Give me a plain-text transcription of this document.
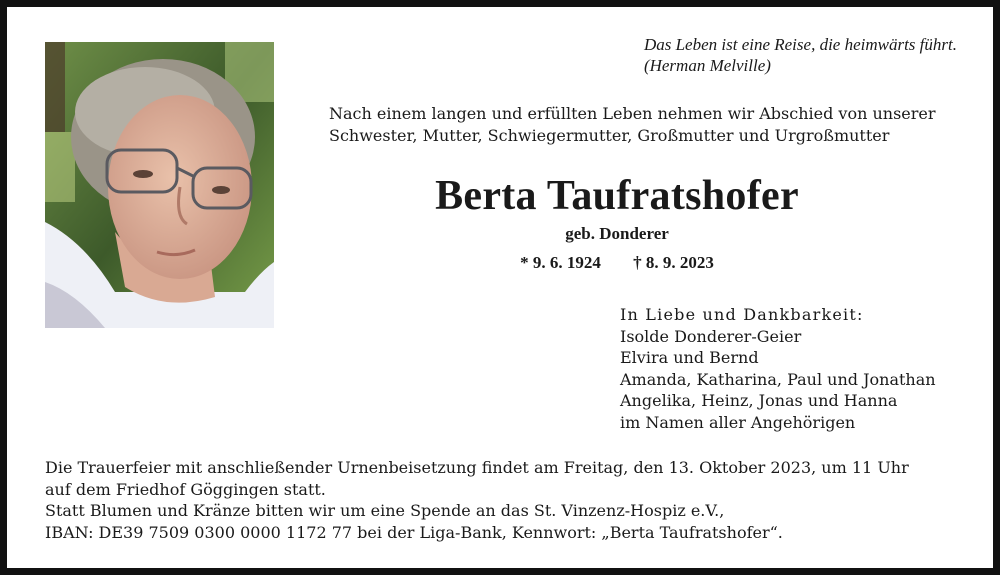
Das Leben ist eine Reise, die heimwärts führt.
(Herman Melville)
Nach einem langen und erfüllten Leben nehmen wir Abschied von unserer
Schwester, Mutter, Schwiegermutter, Großmutter und Urgroßmutter
Berta Taufratshofer
geb. Donderer
* 9. 6. 1924 † 8. 9. 2023
In Liebe und Dankbarkeit:
Isolde Donderer-Geier
Elvira und Bernd
Amanda, Katharina, Paul und Jonathan
Angelika, Heinz, Jonas und Hanna
im Namen aller Angehörigen
Die Trauerfeier mit anschließender Urnenbeisetzung findet am Freitag, den 13. Oktober 2023, um 11 Uhr
auf dem Friedhof Göggingen statt.
Statt Blumen und Kränze bitten wir um eine Spende an das St. Vinzenz-Hospiz e.V.,
IBAN: DE39 7509 0300 0000 1172 77 bei der Liga-Bank, Kennwort: „Berta Taufratshofer“.
